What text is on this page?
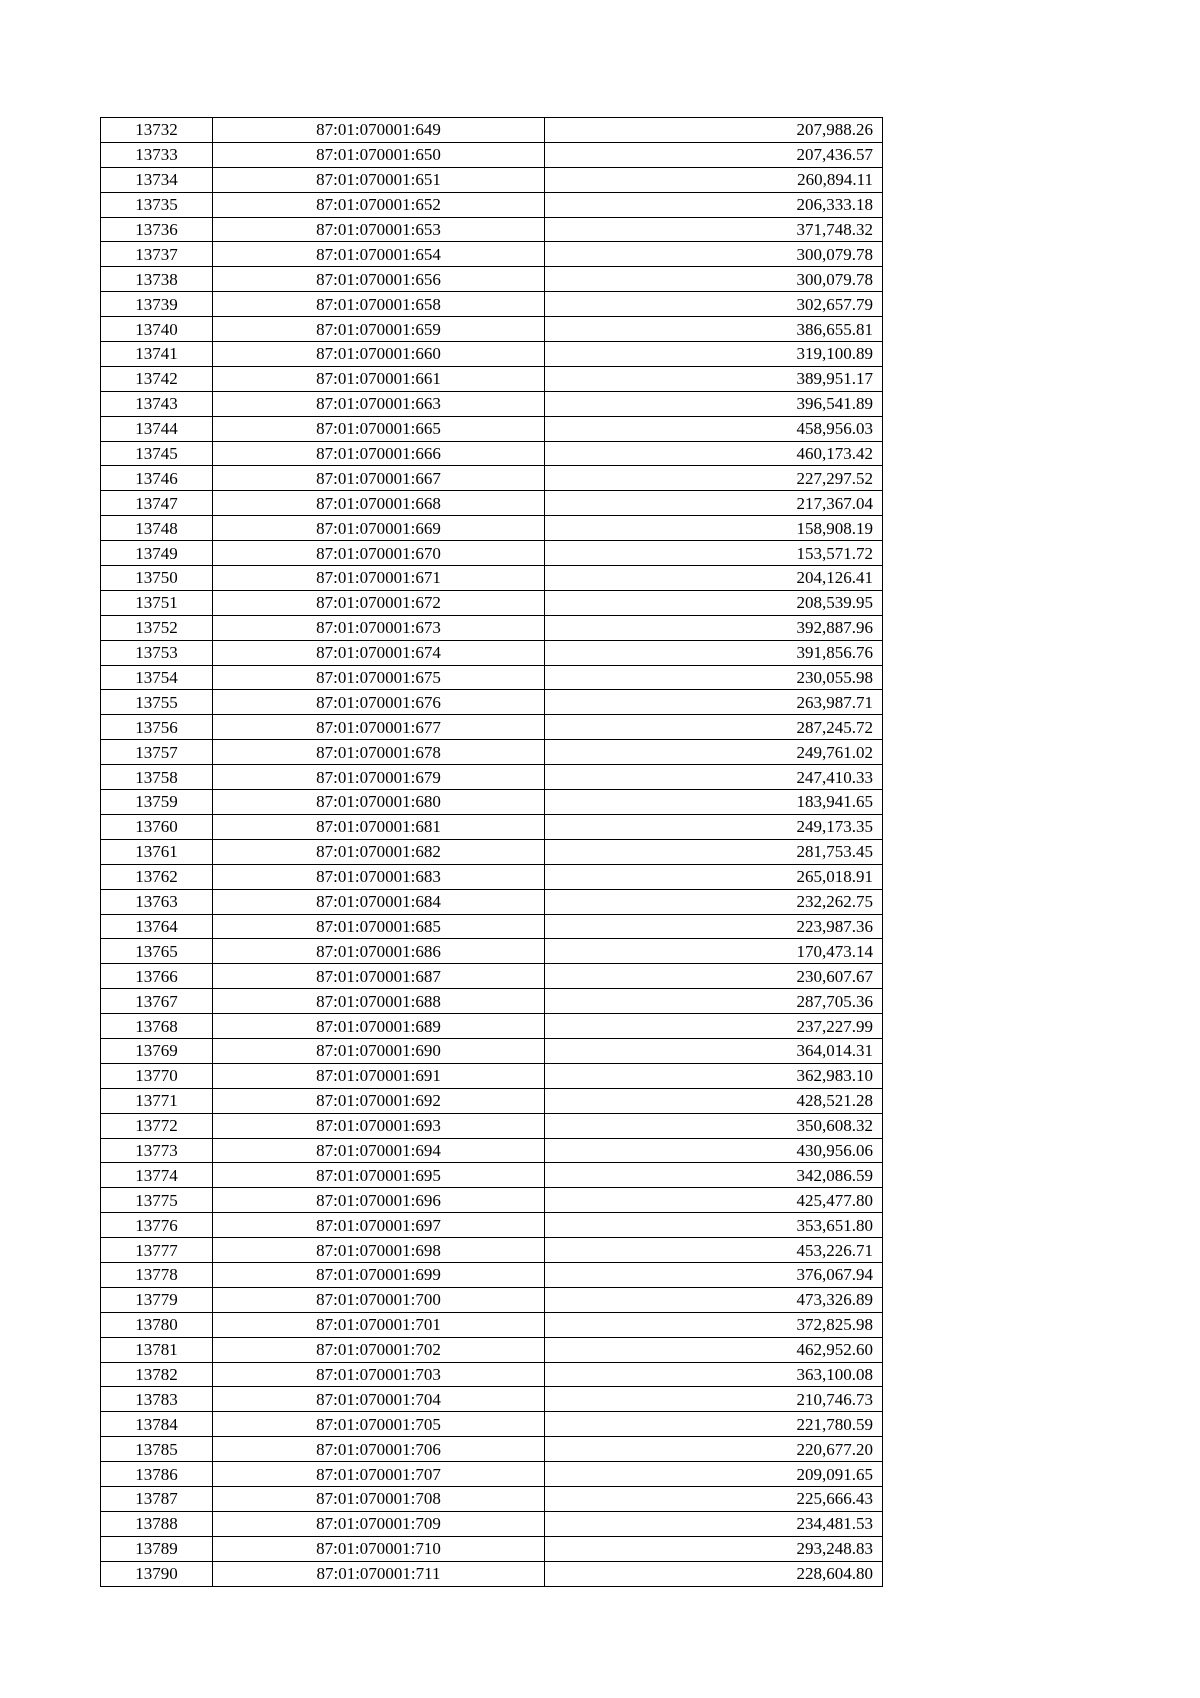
13732	87:01:070001:649	207,988.26
13733	87:01:070001:650	207,436.57
13734	87:01:070001:651	260,894.11
13735	87:01:070001:652	206,333.18
13736	87:01:070001:653	371,748.32
13737	87:01:070001:654	300,079.78
13738	87:01:070001:656	300,079.78
13739	87:01:070001:658	302,657.79
13740	87:01:070001:659	386,655.81
13741	87:01:070001:660	319,100.89
13742	87:01:070001:661	389,951.17
13743	87:01:070001:663	396,541.89
13744	87:01:070001:665	458,956.03
13745	87:01:070001:666	460,173.42
13746	87:01:070001:667	227,297.52
13747	87:01:070001:668	217,367.04
13748	87:01:070001:669	158,908.19
13749	87:01:070001:670	153,571.72
13750	87:01:070001:671	204,126.41
13751	87:01:070001:672	208,539.95
13752	87:01:070001:673	392,887.96
13753	87:01:070001:674	391,856.76
13754	87:01:070001:675	230,055.98
13755	87:01:070001:676	263,987.71
13756	87:01:070001:677	287,245.72
13757	87:01:070001:678	249,761.02
13758	87:01:070001:679	247,410.33
13759	87:01:070001:680	183,941.65
13760	87:01:070001:681	249,173.35
13761	87:01:070001:682	281,753.45
13762	87:01:070001:683	265,018.91
13763	87:01:070001:684	232,262.75
13764	87:01:070001:685	223,987.36
13765	87:01:070001:686	170,473.14
13766	87:01:070001:687	230,607.67
13767	87:01:070001:688	287,705.36
13768	87:01:070001:689	237,227.99
13769	87:01:070001:690	364,014.31
13770	87:01:070001:691	362,983.10
13771	87:01:070001:692	428,521.28
13772	87:01:070001:693	350,608.32
13773	87:01:070001:694	430,956.06
13774	87:01:070001:695	342,086.59
13775	87:01:070001:696	425,477.80
13776	87:01:070001:697	353,651.80
13777	87:01:070001:698	453,226.71
13778	87:01:070001:699	376,067.94
13779	87:01:070001:700	473,326.89
13780	87:01:070001:701	372,825.98
13781	87:01:070001:702	462,952.60
13782	87:01:070001:703	363,100.08
13783	87:01:070001:704	210,746.73
13784	87:01:070001:705	221,780.59
13785	87:01:070001:706	220,677.20
13786	87:01:070001:707	209,091.65
13787	87:01:070001:708	225,666.43
13788	87:01:070001:709	234,481.53
13789	87:01:070001:710	293,248.83
13790	87:01:070001:711	228,604.80
